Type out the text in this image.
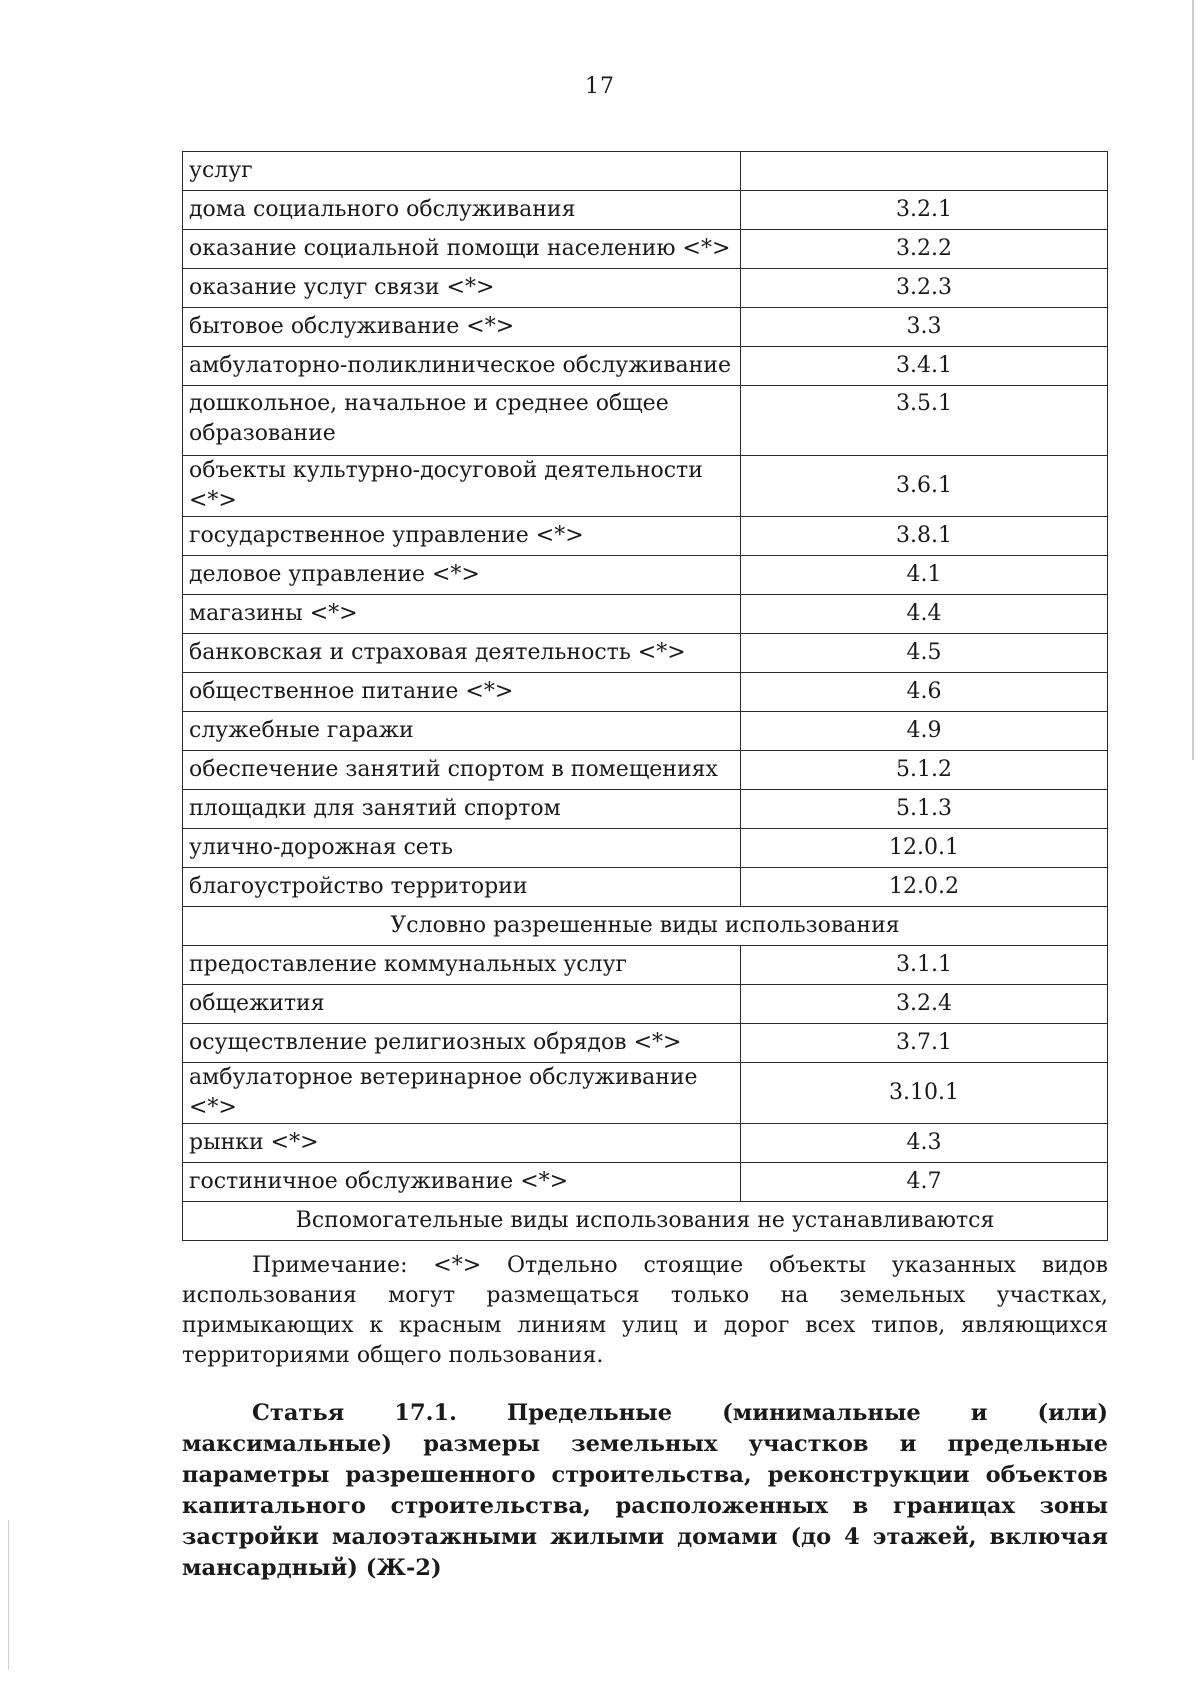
17
услуг	
дома социального обслуживания	3.2.1
оказание социальной помощи населению <*>	3.2.2
оказание услуг связи <*>	3.2.3
бытовое обслуживание <*>	3.3
амбулаторно-поликлиническое обслуживание	3.4.1
дошкольное, начальное и среднее общее образование	3.5.1
объекты культурно-досуговой деятельности <*>	3.6.1
государственное управление <*>	3.8.1
деловое управление <*>	4.1
магазины <*>	4.4
банковская и страховая деятельность <*>	4.5
общественное питание <*>	4.6
служебные гаражи	4.9
обеспечение занятий спортом в помещениях	5.1.2
площадки для занятий спортом	5.1.3
улично-дорожная сеть	12.0.1
благоустройство территории	12.0.2
Условно разрешенные виды использования	
предоставление коммунальных услуг	3.1.1
общежития	3.2.4
осуществление религиозных обрядов <*>	3.7.1
амбулаторное ветеринарное обслуживание <*>	3.10.1
рынки <*>	4.3
гостиничное обслуживание <*>	4.7
Вспомогательные виды использования не устанавливаются	

Примечание: <*> Отдельно стоящие объекты указанных видов использования могут размещаться только на земельных участках, примыкающих к красным линиям улиц и дорог всех типов, являющихся территориями общего пользования.

Статья 17.1. Предельные (минимальные и (или) максимальные) размеры земельных участков и предельные параметры разрешенного строительства, реконструкции объектов капитального строительства, расположенных в границах зоны застройки малоэтажными жилыми домами (до 4 этажей, включая мансардный) (Ж-2)
